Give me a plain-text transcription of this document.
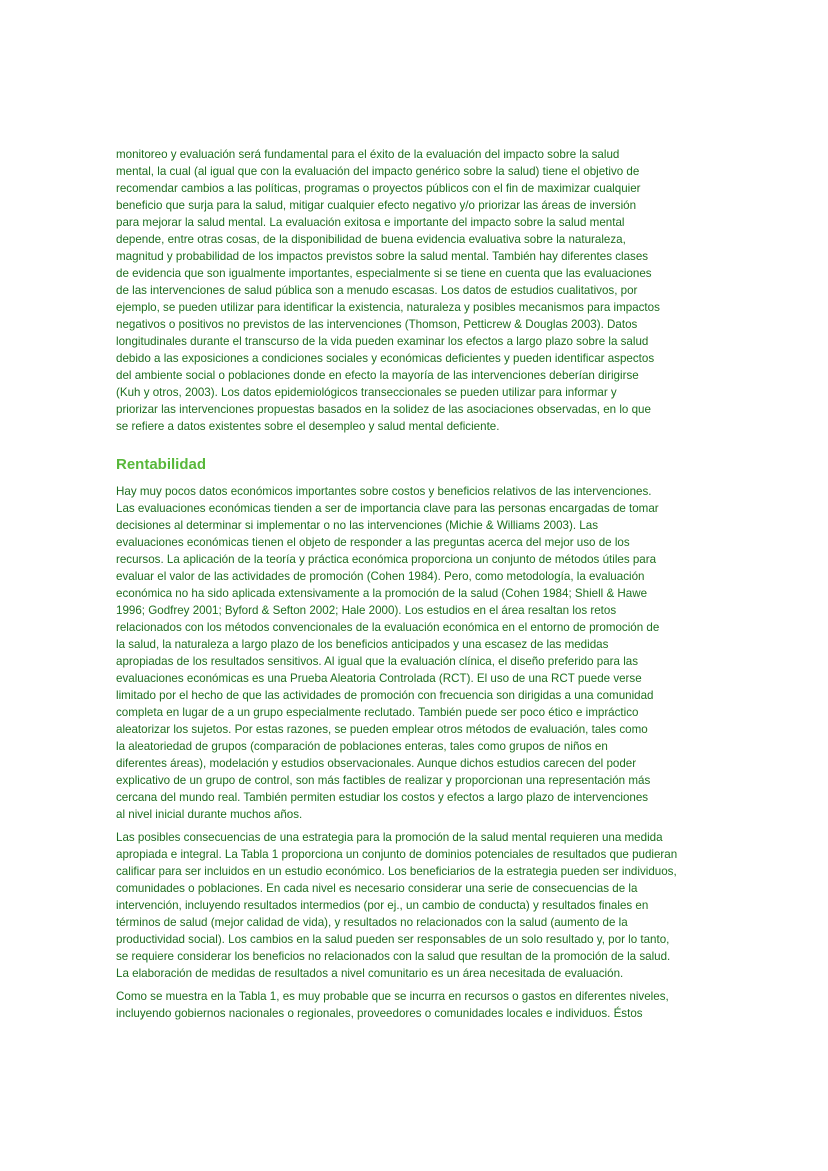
monitoreo y evaluación será fundamental para el éxito de la evaluación del impacto sobre la salud
mental, la cual (al igual que con la evaluación del impacto genérico sobre la salud) tiene el objetivo de
recomendar cambios a las políticas, programas o proyectos públicos con el fin de maximizar cualquier
beneficio que surja para la salud, mitigar cualquier efecto negativo y/o priorizar las áreas de inversión
para mejorar la salud mental. La evaluación exitosa e importante del impacto sobre la salud mental
depende, entre otras cosas, de la disponibilidad de buena evidencia evaluativa sobre la naturaleza,
magnitud y probabilidad de los impactos previstos sobre la salud mental. También hay diferentes clases
de evidencia que son igualmente importantes, especialmente si se tiene en cuenta que las evaluaciones
de las intervenciones de salud pública son a menudo escasas. Los datos de estudios cualitativos, por
ejemplo, se pueden utilizar para identificar la existencia, naturaleza y posibles mecanismos para impactos
negativos o positivos no previstos de las intervenciones (Thomson, Petticrew & Douglas 2003). Datos
longitudinales durante el transcurso de la vida pueden examinar los efectos a largo plazo sobre la salud
debido a las exposiciones a condiciones sociales y económicas deficientes y pueden identificar aspectos
del ambiente social o poblaciones donde en efecto la mayoría de las intervenciones deberían dirigirse
(Kuh y otros, 2003). Los datos epidemiológicos transeccionales se pueden utilizar para informar y
priorizar las intervenciones propuestas basados en la solidez de las asociaciones observadas, en lo que
se refiere a datos existentes sobre el desempleo y salud mental deficiente.
Rentabilidad
Hay muy pocos datos económicos importantes sobre costos y beneficios relativos de las intervenciones.
Las evaluaciones económicas tienden a ser de importancia clave para las personas encargadas de tomar
decisiones al determinar si implementar o no las intervenciones (Michie & Williams 2003). Las
evaluaciones económicas tienen el objeto de responder a las preguntas acerca del mejor uso de los
recursos. La aplicación de la teoría y práctica económica proporciona un conjunto de métodos útiles para
evaluar el valor de las actividades de promoción (Cohen 1984). Pero, como metodología, la evaluación
económica no ha sido aplicada extensivamente a la promoción de la salud (Cohen 1984; Shiell & Hawe
1996; Godfrey 2001; Byford & Sefton 2002; Hale 2000). Los estudios en el área resaltan los retos
relacionados con los métodos convencionales de la evaluación económica en el entorno de promoción de
la salud, la naturaleza a largo plazo de los beneficios anticipados y una escasez de las medidas
apropiadas de los resultados sensitivos. Al igual que la evaluación clínica, el diseño preferido para las
evaluaciones económicas es una Prueba Aleatoria Controlada (RCT). El uso de una RCT puede verse
limitado por el hecho de que las actividades de promoción con frecuencia son dirigidas a una comunidad
completa en lugar de a un grupo especialmente reclutado. También puede ser poco ético e impráctico
aleatorizar los sujetos. Por estas razones, se pueden emplear otros métodos de evaluación, tales como
la aleatoriedad de grupos (comparación de poblaciones enteras, tales como grupos de niños en
diferentes áreas), modelación y estudios observacionales. Aunque dichos estudios carecen del poder
explicativo de un grupo de control, son más factibles de realizar y proporcionan una representación más
cercana del mundo real. También permiten estudiar los costos y efectos a largo plazo de intervenciones
al nivel inicial durante muchos años.
Las posibles consecuencias de una estrategia para la promoción de la salud mental requieren una medida
apropiada e integral. La Tabla 1 proporciona un conjunto de dominios potenciales de resultados que pudieran
calificar para ser incluidos en un estudio económico. Los beneficiarios de la estrategia pueden ser individuos,
comunidades o poblaciones. En cada nivel es necesario considerar una serie de consecuencias de la
intervención, incluyendo resultados intermedios (por ej., un cambio de conducta) y resultados finales en
términos de salud (mejor calidad de vida), y resultados no relacionados con la salud (aumento de la
productividad social). Los cambios en la salud pueden ser responsables de un solo resultado y, por lo tanto,
se requiere considerar los beneficios no relacionados con la salud que resultan de la promoción de la salud.
La elaboración de medidas de resultados a nivel comunitario es un área necesitada de evaluación.
Como se muestra en la Tabla 1, es muy probable que se incurra en recursos o gastos en diferentes niveles,
incluyendo gobiernos nacionales o regionales, proveedores o comunidades locales e individuos. Éstos
